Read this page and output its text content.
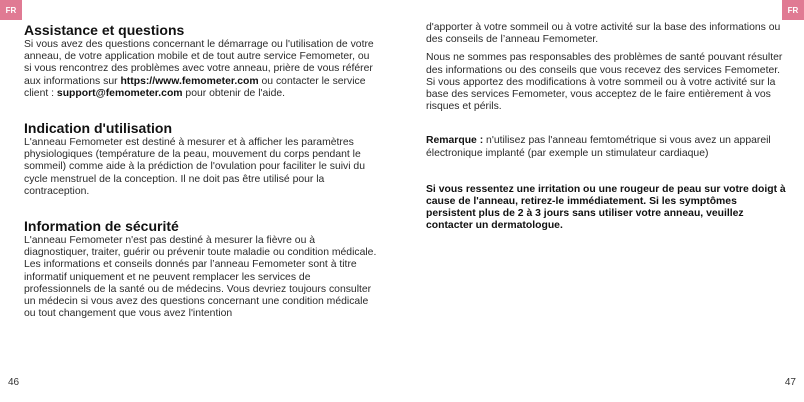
FR
Assistance et questions

Si vous avez des questions concernant le démarrage ou l'utilisation de votre anneau, de votre application mobile et de tout autre service Femometer, ou si vous rencontrez des problèmes avec votre anneau, prière de vous référer aux informations sur https://www.femometer.com ou contacter le service client : support@femometer.com pour obtenir de l'aide.

Indication d'utilisation

L'anneau Femometer est destiné à mesurer et à afficher les paramètres physiologiques (température de la peau, mouvement du corps pendant le sommeil) comme aide à la prédiction de l'ovulation pour faciliter le suivi du cycle menstruel de la conception. Il ne doit pas être utilisé pour la contraception.

Information de sécurité

L'anneau Femometer n'est pas destiné à mesurer la fièvre ou à diagnostiquer, traiter, guérir ou prévenir toute maladie ou condition médicale. Les informations et conseils donnés par l’anneau Femometer sont à titre informatif uniquement et ne peuvent remplacer les services de professionnels de la santé ou de médecins. Vous devriez toujours consulter un médecin si vous avez des questions concernant une condition médicale ou tout changement que vous avez l'intention

46
FR

d'apporter à votre sommeil ou à votre activité sur la base des informations ou des conseils de l’anneau Femometer.

Nous ne sommes pas responsables des problèmes de santé pouvant résulter des informations ou des conseils que vous recevez des services Femometer. Si vous apportez des modifications à votre sommeil ou à votre activité sur la base des services Femometer, vous acceptez de le faire entièrement à vos risques et périls.

Remarque : n'utilisez pas l'anneau femtométrique si vous avez un appareil électronique implanté (par exemple un stimulateur cardiaque)

Si vous ressentez une irritation ou une rougeur de peau sur votre doigt à cause de l'anneau, retirez-le immédiatement. Si les symptômes persistent plus de 2 à 3 jours sans utiliser votre anneau, veuillez contacter un dermatologue.

47
